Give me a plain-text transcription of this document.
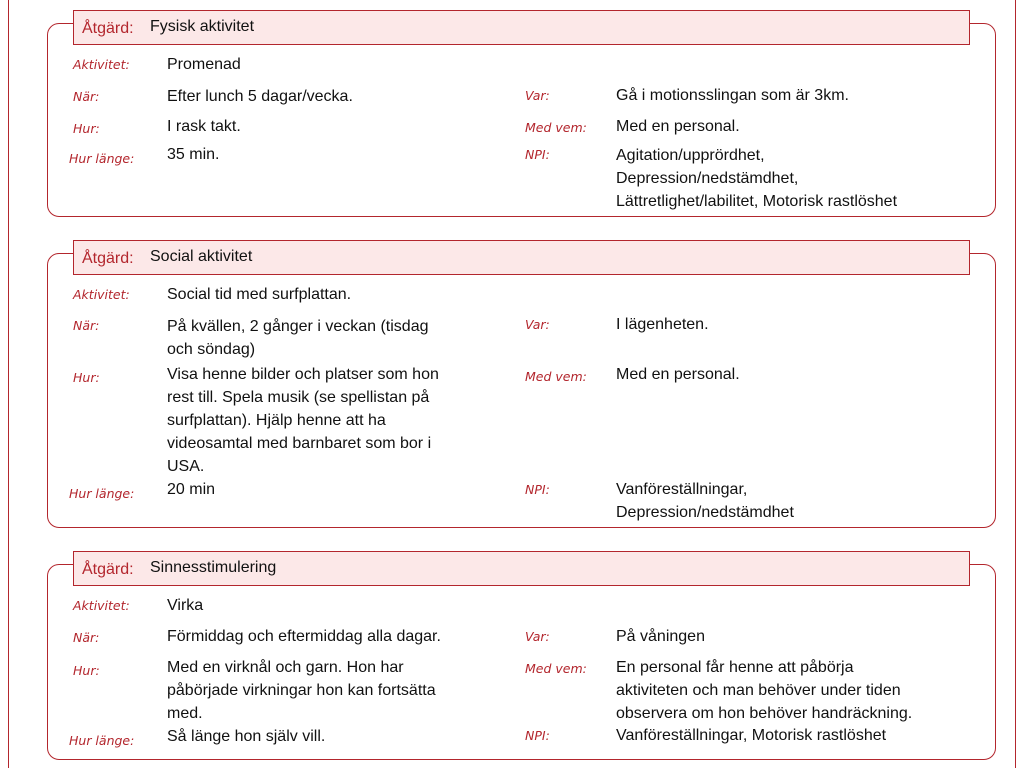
Åtgärd: Fysisk aktivitet
Aktivitet: Promenad
När:	Efter lunch 5 dagar/vecka.	Var:	Gå i motionsslingan som är 3km.
Hur:	I rask takt.	Med vem: Med en personal.
Hur länge: 35 min.	NPI:	Agitation/upprördhet,
Depression/nedstämdhet,
Lättretlighet/labilitet, Motorisk rastlöshet
Åtgärd: Social aktivitet
Aktivitet: Social tid med surfplattan.
När:	På kvällen, 2 gånger i veckan (tisdag
och söndag)
Var:	I lägenheten.
Hur:	Visa henne bilder och platser som hon
rest till. Spela musik (se spellistan på
surfplattan). Hjälp henne att ha
videosamtal med barnbaret som bor i
USA.
Med vem: Med en personal.
Hur länge: 20 min	NPI:	Vanföreställningar,
Depression/nedstämdhet
Åtgärd: Sinnesstimulering
Aktivitet: Virka
När:	Förmiddag och eftermiddag alla dagar.	Var:	På våningen
Hur:	Med en virknål och garn. Hon har
påbörjade virkningar hon kan fortsätta
med.
Med vem: En personal får henne att påbörja
aktiviteten och man behöver under tiden
observera om hon behöver handräckning.
Hur länge: Så länge hon själv vill.	NPI:	Vanföreställningar, Motorisk rastlöshet
